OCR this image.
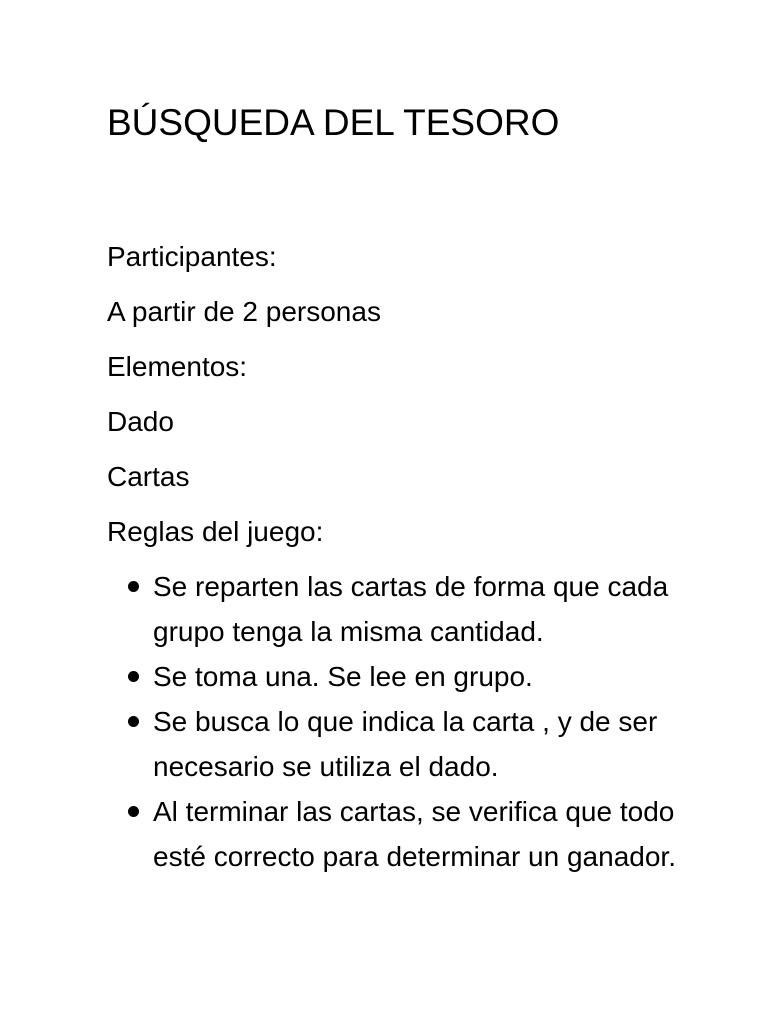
BÚSQUEDA DEL TESORO

Participantes:

A partir de 2 personas

Elementos:

Dado

Cartas

Reglas del juego:

Se reparten las cartas de forma que cada grupo tenga la misma cantidad.
Se toma una. Se lee en grupo.
Se busca lo que indica la carta , y de ser necesario se utiliza el dado.
Al terminar las cartas, se verifica que todo esté correcto para determinar un ganador.
